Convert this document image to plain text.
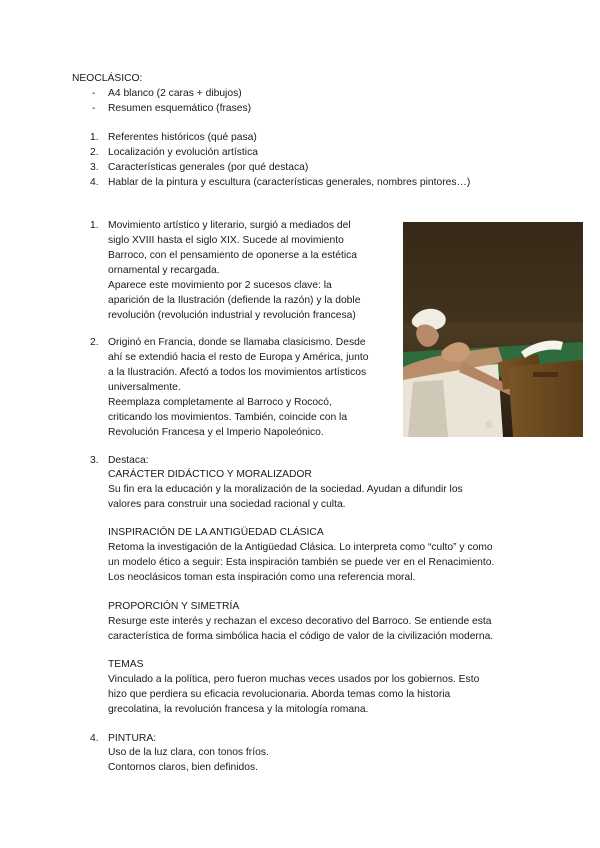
NEOCLÁSICO:
- A4 blanco (2 caras + dibujos)
- Resumen esquemático (frases)
1. Referentes históricos (qué pasa)
2. Localización y evolución artística
3. Características generales (por qué destaca)
4. Hablar de la pintura y escultura (características generales, nombres pintores…)
1. Movimiento artístico y literario, surgió a mediados del
siglo XVIII hasta el siglo XIX. Sucede al movimiento
Barroco, con el pensamiento de oponerse a la estética
ornamental y recargada.
Aparece este movimiento por 2 sucesos clave: la
aparición de la Ilustración (defiende la razón) y la doble
revolución (revolución industrial y revolución francesa)
2. Originó en Francia, donde se llamaba clasicismo. Desde
ahí se extendió hacia el resto de Europa y América, junto
a la Ilustración. Afectó a todos los movimientos artísticos
universalmente.
Reemplaza completamente al Barroco y Rococó,
criticando los movimientos. También, coincide con la
Revolución Francesa y el Imperio Napoleónico.
3. Destaca:
CARÁCTER DIDÁCTICO Y MORALIZADOR
Su fin era la educación y la moralización de la sociedad. Ayudan a difundir los
valores para construir una sociedad racional y culta.
INSPIRACIÓN DE LA ANTIGÜEDAD CLÁSICA
Retoma la investigación de la Antigüedad Clásica. Lo interpreta como “culto” y como
un modelo ético a seguir: Esta inspiración también se puede ver en el Renacimiento.
Los neoclásicos toman esta inspiración como una referencia moral.
PROPORCIÓN Y SIMETRÍA
Resurge este interés y rechazan el exceso decorativo del Barroco. Se entiende esta
característica de forma simbólica hacia el código de valor de la civilización moderna.
TEMAS
Vinculado a la política, pero fueron muchas veces usados por los gobiernos. Esto
hizo que perdiera su eficacia revolucionaria. Aborda temas como la historia
grecolatina, la revolución francesa y la mitología romana.
4. PINTURA:
Uso de la luz clara, con tonos fríos.
Contornos claros, bien definidos.
